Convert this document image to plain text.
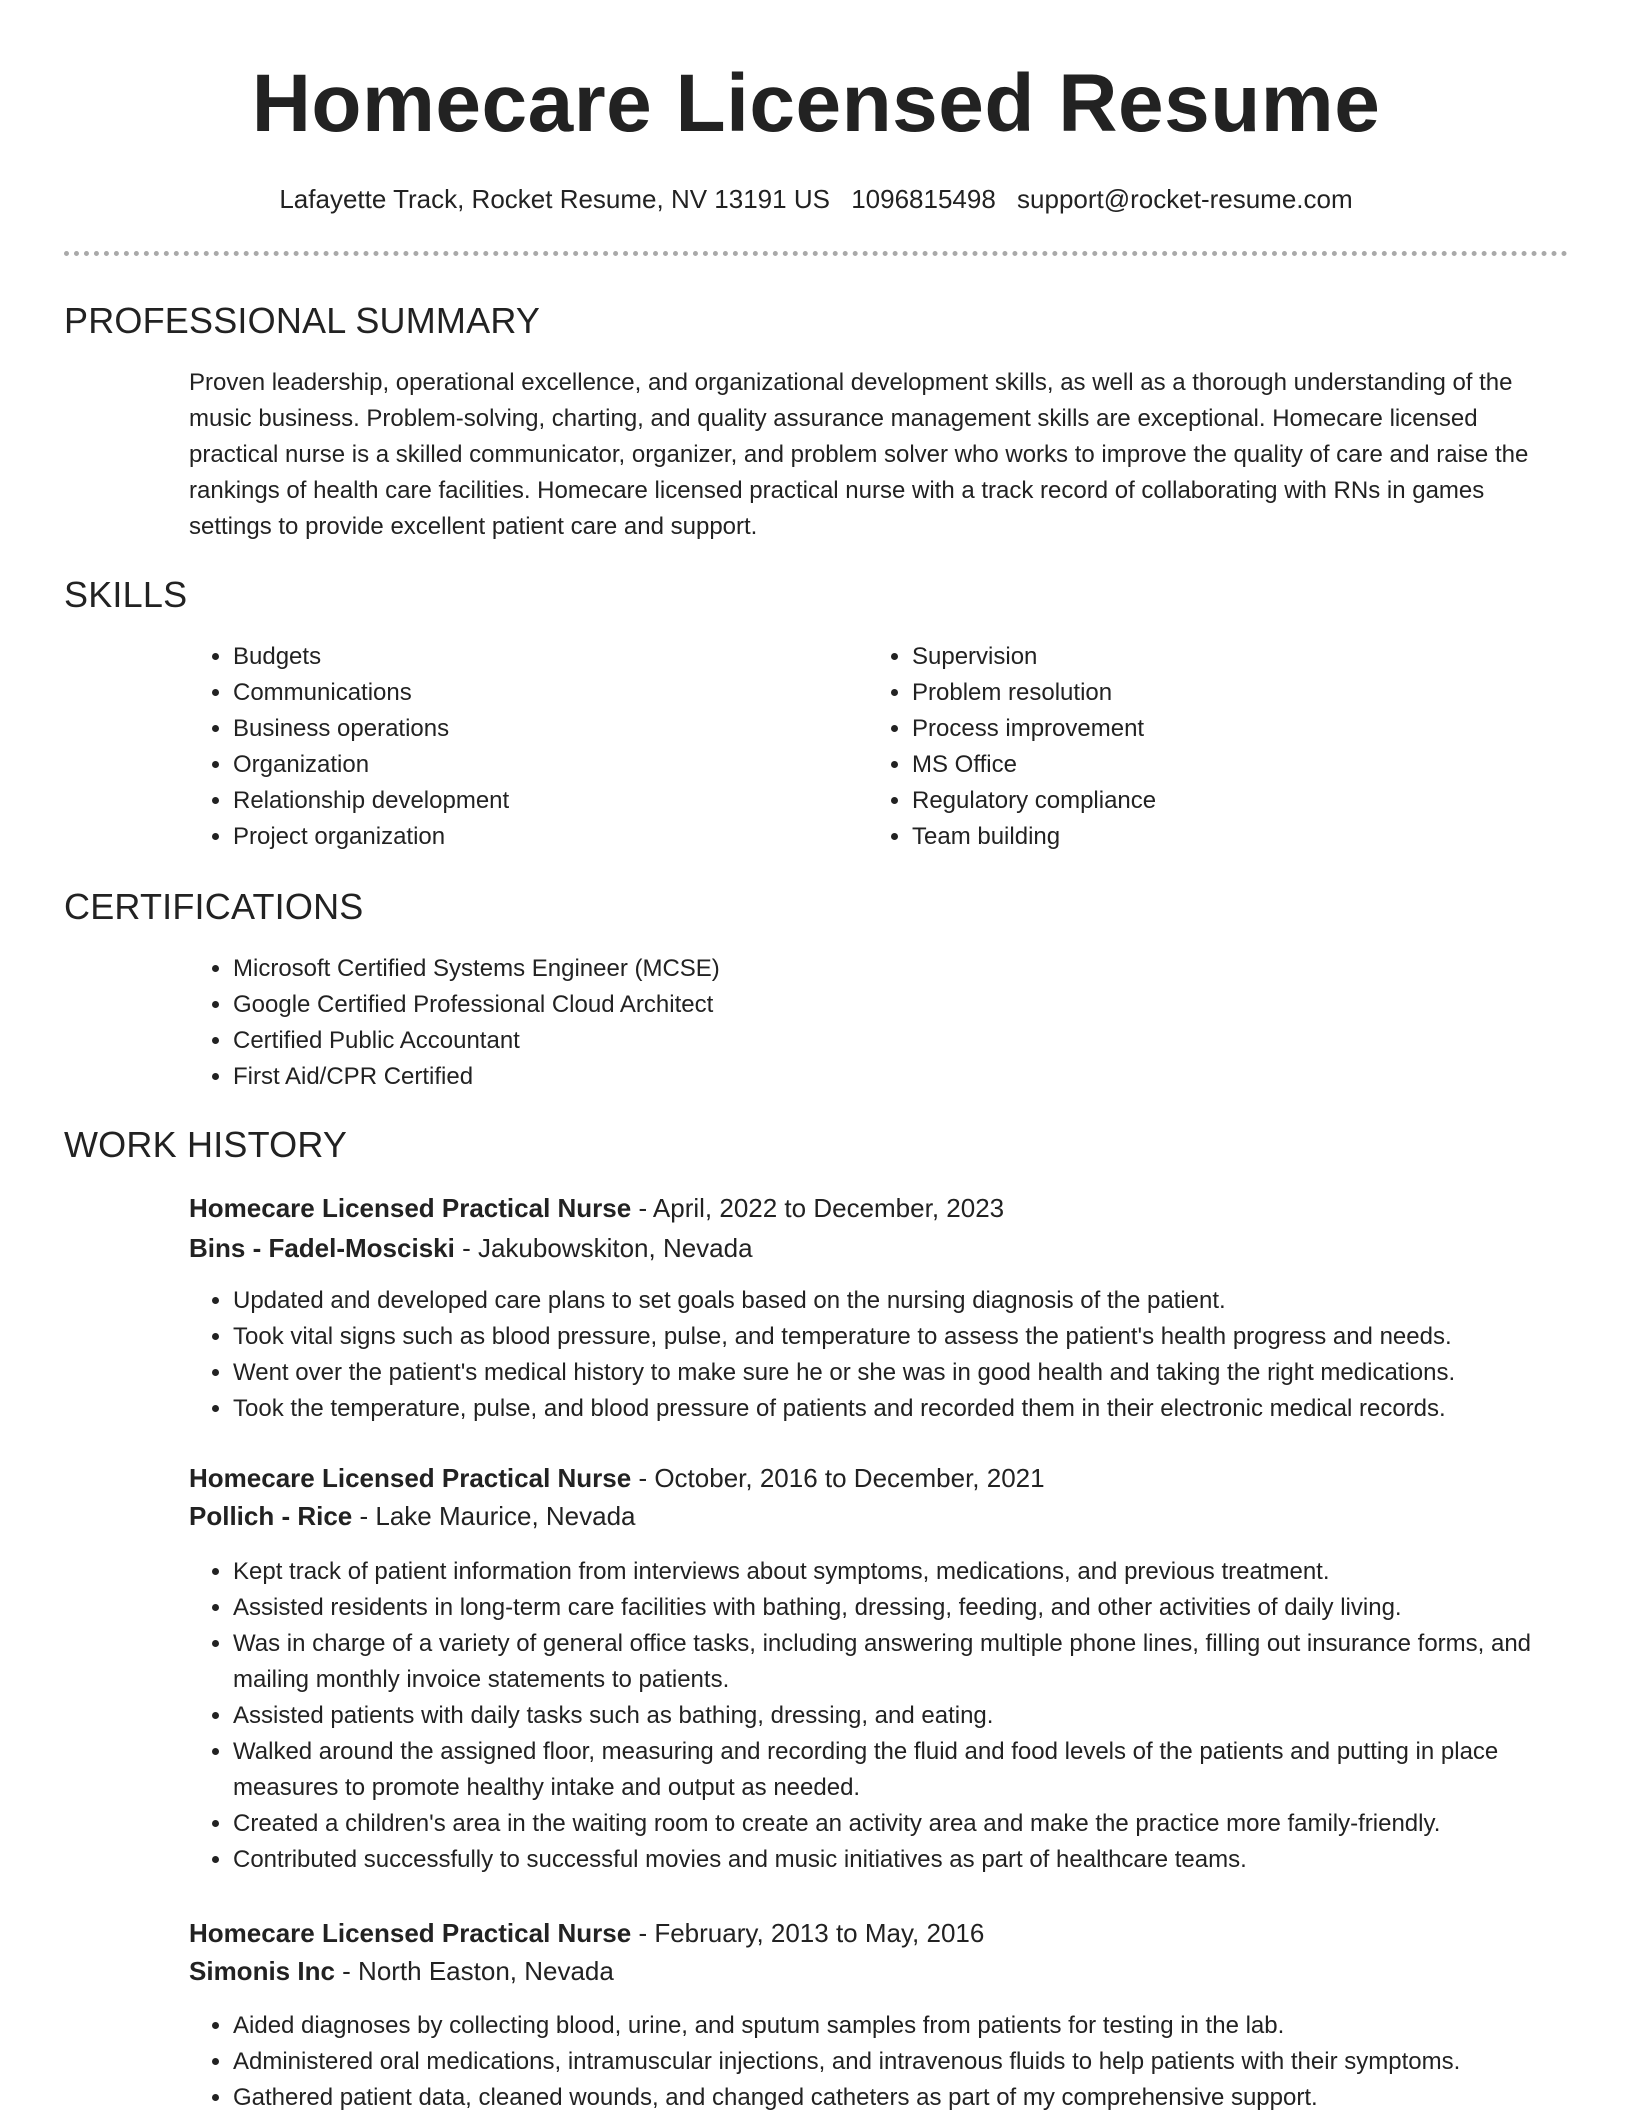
Homecare Licensed Resume
Lafayette Track, Rocket Resume, NV 13191 US 1096815498 support@rocket-resume.com
PROFESSIONAL SUMMARY
Proven leadership, operational excellence, and organizational development skills, as well as a thorough understanding of the music business. Problem-solving, charting, and quality assurance management skills are exceptional. Homecare licensed practical nurse is a skilled communicator, organizer, and problem solver who works to improve the quality of care and raise the rankings of health care facilities. Homecare licensed practical nurse with a track record of collaborating with RNs in games settings to provide excellent patient care and support.
SKILLS
• Budgets
• Communications
• Business operations
• Organization
• Relationship development
• Project organization
• Supervision
• Problem resolution
• Process improvement
• MS Office
• Regulatory compliance
• Team building
CERTIFICATIONS
• Microsoft Certified Systems Engineer (MCSE)
• Google Certified Professional Cloud Architect
• Certified Public Accountant
• First Aid/CPR Certified
WORK HISTORY
Homecare Licensed Practical Nurse - April, 2022 to December, 2023
Bins - Fadel-Mosciski - Jakubowskiton, Nevada
• Updated and developed care plans to set goals based on the nursing diagnosis of the patient.
• Took vital signs such as blood pressure, pulse, and temperature to assess the patient's health progress and needs.
• Went over the patient's medical history to make sure he or she was in good health and taking the right medications.
• Took the temperature, pulse, and blood pressure of patients and recorded them in their electronic medical records.
Homecare Licensed Practical Nurse - October, 2016 to December, 2021
Pollich - Rice - Lake Maurice, Nevada
• Kept track of patient information from interviews about symptoms, medications, and previous treatment.
• Assisted residents in long-term care facilities with bathing, dressing, feeding, and other activities of daily living.
• Was in charge of a variety of general office tasks, including answering multiple phone lines, filling out insurance forms, and mailing monthly invoice statements to patients.
• Assisted patients with daily tasks such as bathing, dressing, and eating.
• Walked around the assigned floor, measuring and recording the fluid and food levels of the patients and putting in place measures to promote healthy intake and output as needed.
• Created a children's area in the waiting room to create an activity area and make the practice more family-friendly.
• Contributed successfully to successful movies and music initiatives as part of healthcare teams.
Homecare Licensed Practical Nurse - February, 2013 to May, 2016
Simonis Inc - North Easton, Nevada
• Aided diagnoses by collecting blood, urine, and sputum samples from patients for testing in the lab.
• Administered oral medications, intramuscular injections, and intravenous fluids to help patients with their symptoms.
• Gathered patient data, cleaned wounds, and changed catheters as part of my comprehensive support.
